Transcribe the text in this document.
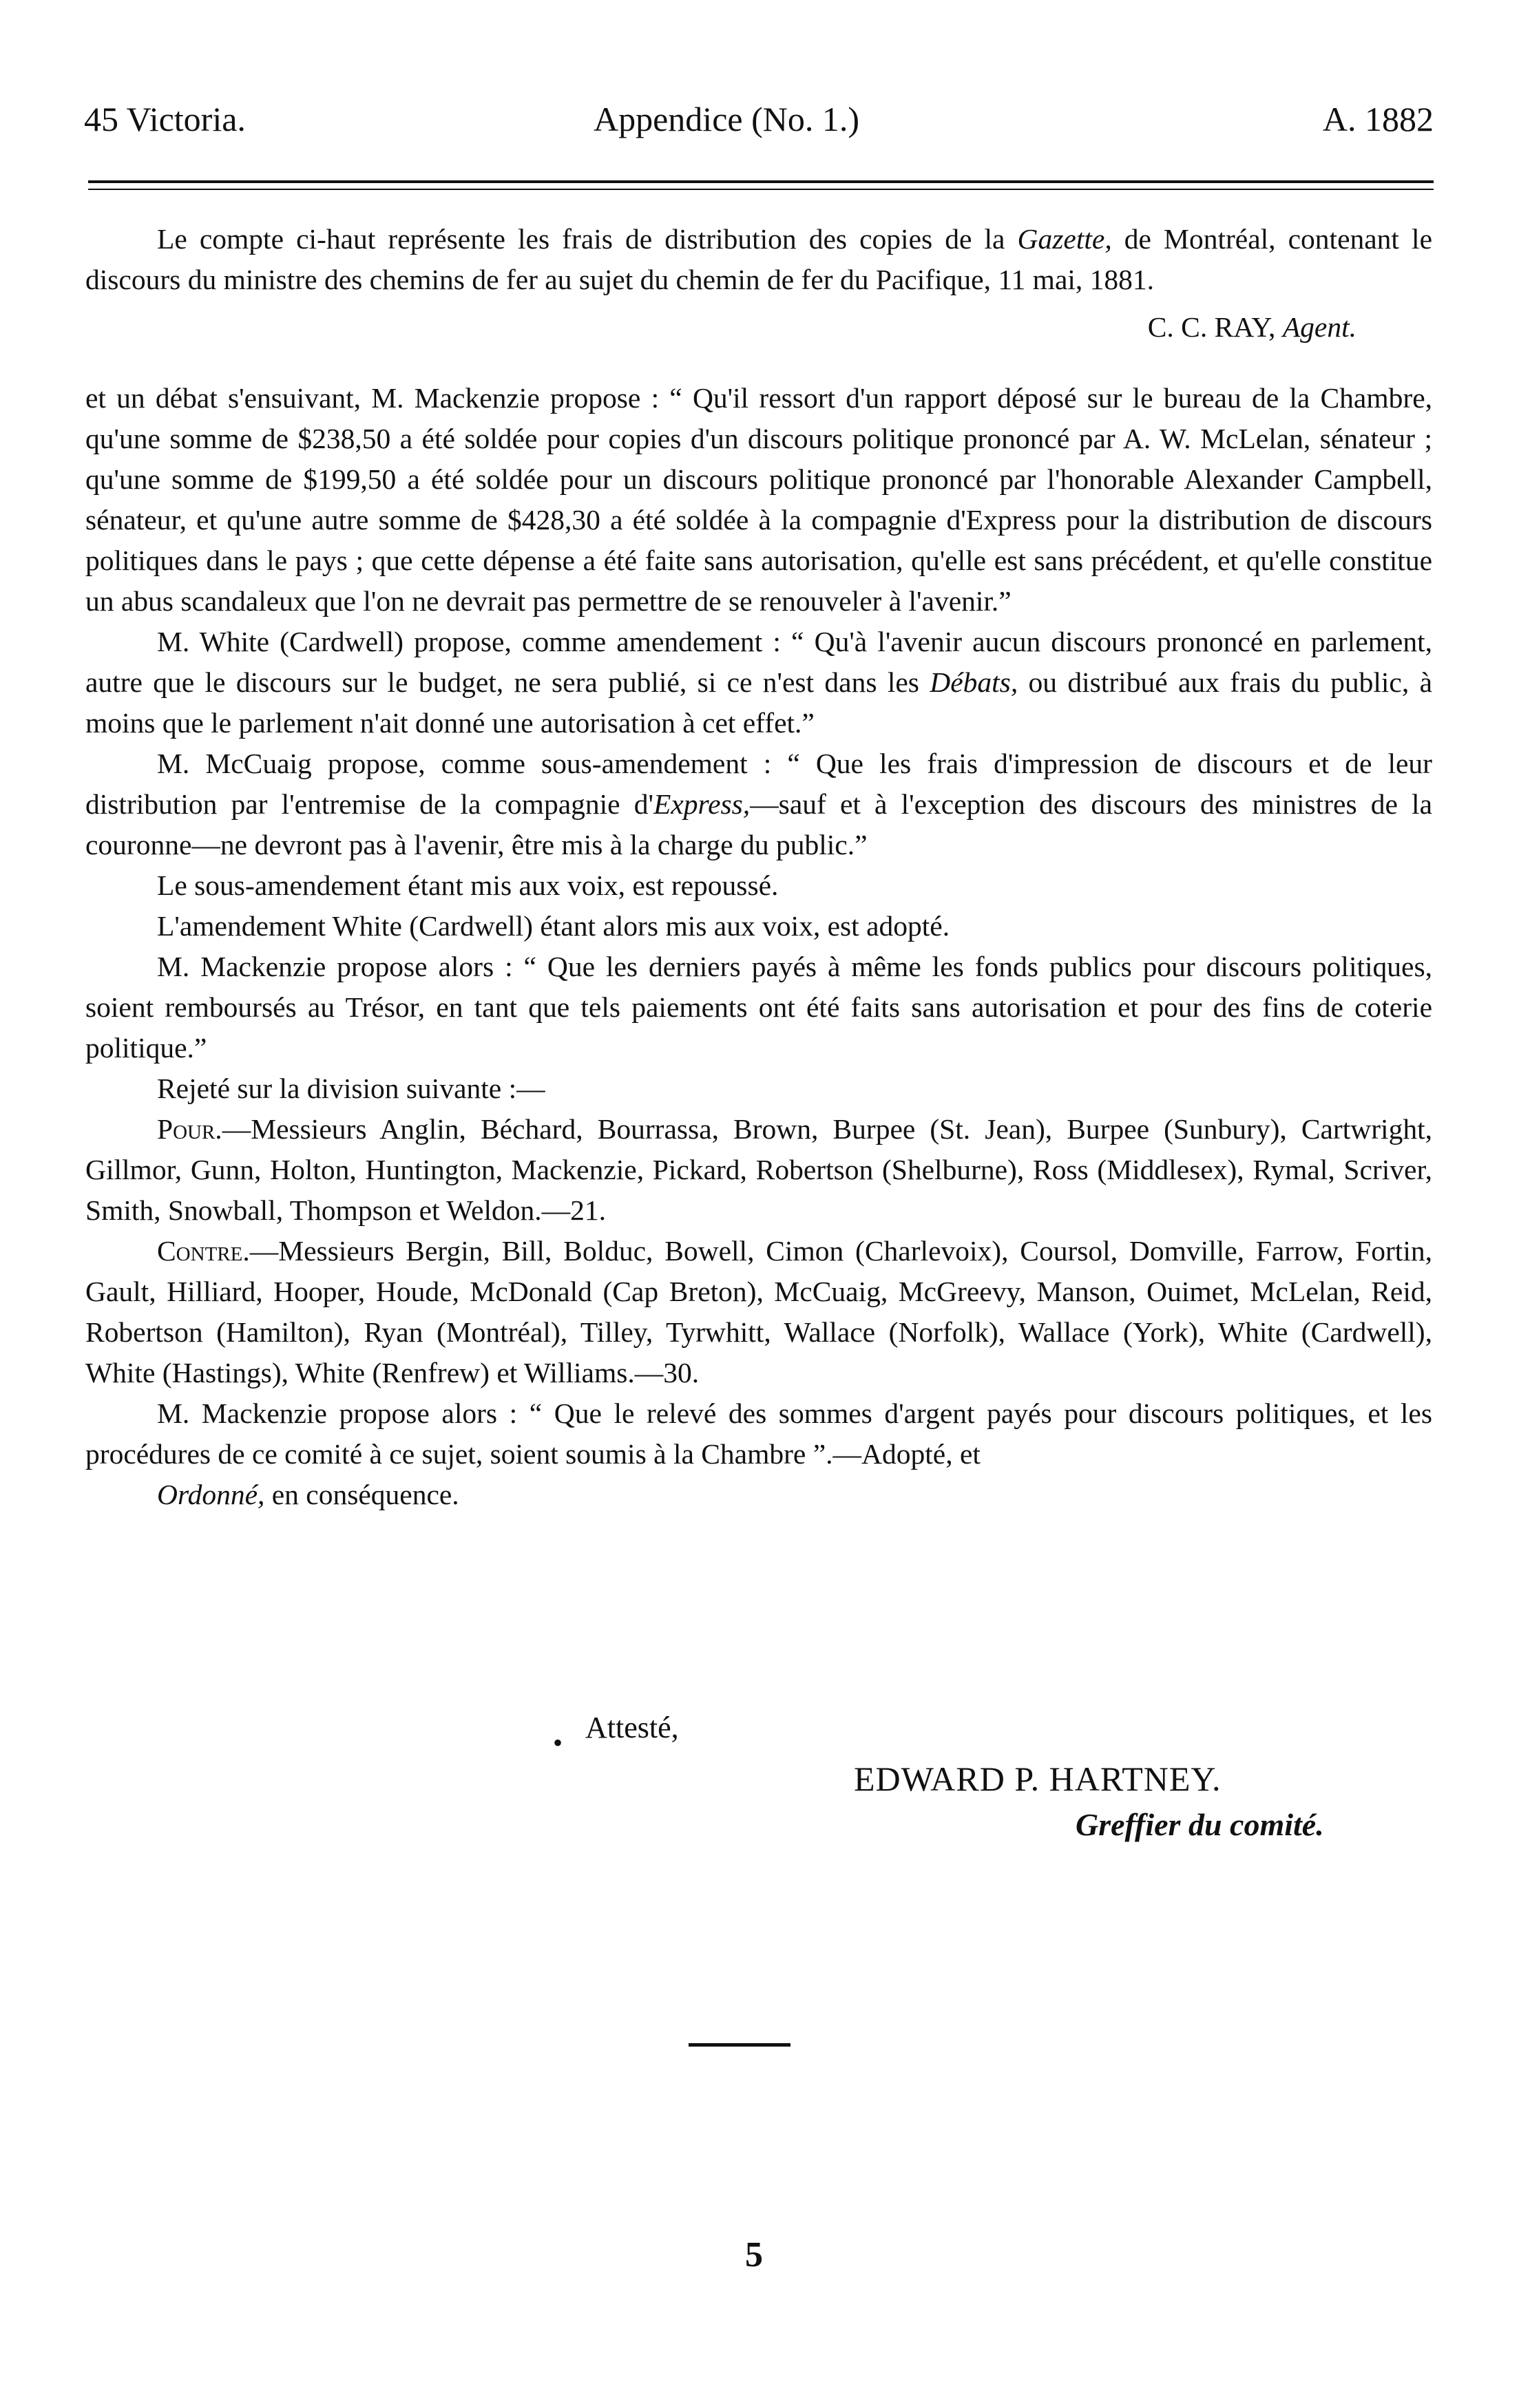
45 Victoria.	Appendice (No. 1.)	A. 1882

Le compte ci-haut représente les frais de distribution des copies de la Gazette, de Montréal, contenant le discours du ministre des chemins de fer au sujet du chemin de fer du Pacifique, 11 mai, 1881.

C. C. RAY, Agent.

et un débat s'ensuivant, M. Mackenzie propose : “ Qu'il ressort d'un rapport déposé sur le bureau de la Chambre, qu'une somme de $238,50 a été soldée pour copies d'un discours politique prononcé par A. W. McLelan, sénateur ; qu'une somme de $199,50 a été soldée pour un discours politique prononcé par l'honorable Alexander Campbell, sénateur, et qu'une autre somme de $428,30 a été soldée à la compagnie d'Express pour la distribution de discours politiques dans le pays ; que cette dépense a été faite sans autorisation, qu'elle est sans précédent, et qu'elle constitue un abus scandaleux que l'on ne devrait pas permettre de se renouveler à l'avenir.”

M. White (Cardwell) propose, comme amendement : “ Qu'à l'avenir aucun discours prononcé en parlement, autre que le discours sur le budget, ne sera publié, si ce n'est dans les Débats, ou distribué aux frais du public, à moins que le parlement n'ait donné une autorisation à cet effet.”

M. McCuaig propose, comme sous-amendement : “ Que les frais d'impression de discours et de leur distribution par l'entremise de la compagnie d'Express,—sauf et à l'exception des discours des ministres de la couronne—ne devront pas à l'avenir, être mis à la charge du public.”

Le sous-amendement étant mis aux voix, est repoussé.

L'amendement White (Cardwell) étant alors mis aux voix, est adopté.

M. Mackenzie propose alors : “ Que les derniers payés à même les fonds publics pour discours politiques, soient remboursés au Trésor, en tant que tels paiements ont été faits sans autorisation et pour des fins de coterie politique.”

Rejeté sur la division suivante :—

Pour.—Messieurs Anglin, Béchard, Bourrassa, Brown, Burpee (St. Jean), Burpee (Sunbury), Cartwright, Gillmor, Gunn, Holton, Huntington, Mackenzie, Pickard, Robertson (Shelburne), Ross (Middlesex), Rymal, Scriver, Smith, Snowball, Thompson et Weldon.—21.

Contre.—Messieurs Bergin, Bill, Bolduc, Bowell, Cimon (Charlevoix), Coursol, Domville, Farrow, Fortin, Gault, Hilliard, Hooper, Houde, McDonald (Cap Breton), McCuaig, McGreevy, Manson, Ouimet, McLelan, Reid, Robertson (Hamilton), Ryan (Montréal), Tilley, Tyrwhitt, Wallace (Norfolk), Wallace (York), White (Cardwell), White (Hastings), White (Renfrew) et Williams.—30.

M. Mackenzie propose alors : “ Que le relevé des sommes d'argent payés pour discours politiques, et les procédures de ce comité à ce sujet, soient soumis à la Chambre ”.—Adopté, et

Ordonné, en conséquence.

Attesté,
•
EDWARD P. HARTNEY.
Greffier du comité.
5
